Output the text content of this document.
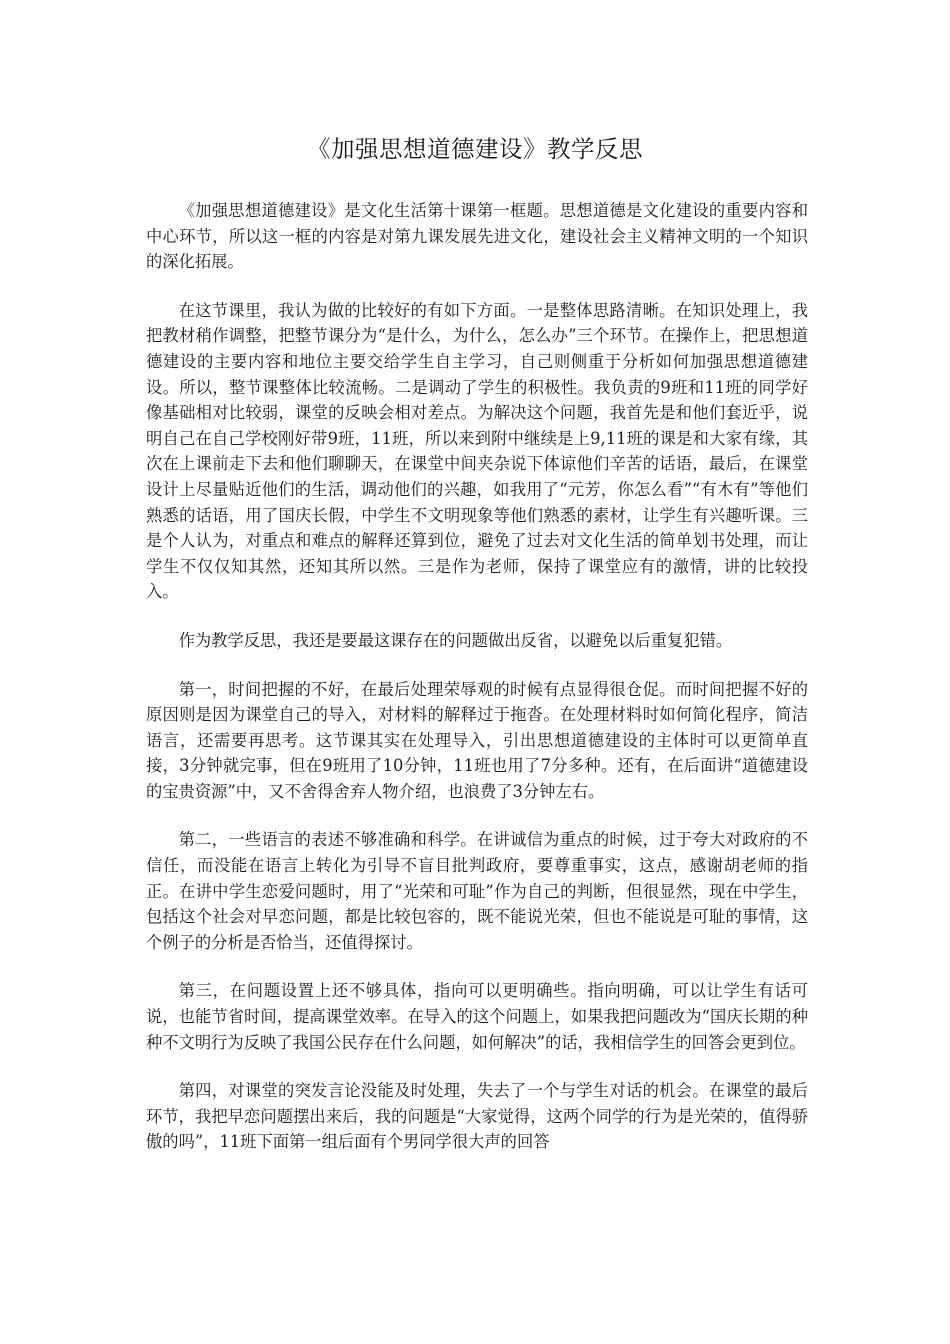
《加强思想道德建设》教学反思

《加强思想道德建设》是文化生活第十课第一框题。思想道德是文化建设的重要内容和中心环节，所以这一框的内容是对第九课发展先进文化，建设社会主义精神文明的一个知识的深化拓展。

在这节课里，我认为做的比较好的有如下方面。一是整体思路清晰。在知识处理上，我把教材稍作调整，把整节课分为“是什么，为什么，怎么办”三个环节。在操作上，把思想道德建设的主要内容和地位主要交给学生自主学习，自己则侧重于分析如何加强思想道德建设。所以，整节课整体比较流畅。二是调动了学生的积极性。我负责的9班和11班的同学好像基础相对比较弱，课堂的反映会相对差点。为解决这个问题，我首先是和他们套近乎，说明自己在自己学校刚好带9班，11班，所以来到附中继续是上9,11班的课是和大家有缘，其次在上课前走下去和他们聊聊天，在课堂中间夹杂说下体谅他们辛苦的话语，最后，在课堂设计上尽量贴近他们的生活，调动他们的兴趣，如我用了“元芳，你怎么看”“有木有”等他们熟悉的话语，用了国庆长假，中学生不文明现象等他们熟悉的素材，让学生有兴趣听课。三是个人认为，对重点和难点的解释还算到位，避免了过去对文化生活的简单划书处理，而让学生不仅仅知其然，还知其所以然。三是作为老师，保持了课堂应有的激情，讲的比较投入。

作为教学反思，我还是要最这课存在的问题做出反省，以避免以后重复犯错。

第一，时间把握的不好，在最后处理荣辱观的时候有点显得很仓促。而时间把握不好的原因则是因为课堂自己的导入，对材料的解释过于拖沓。在处理材料时如何简化程序，简洁语言，还需要再思考。这节课其实在处理导入，引出思想道德建设的主体时可以更简单直接，3分钟就完事，但在9班用了10分钟，11班也用了7分多种。还有，在后面讲“道德建设的宝贵资源”中，又不舍得舍弃人物介绍，也浪费了3分钟左右。

第二，一些语言的表述不够准确和科学。在讲诚信为重点的时候，过于夸大对政府的不信任，而没能在语言上转化为引导不盲目批判政府，要尊重事实，这点，感谢胡老师的指正。在讲中学生恋爱问题时，用了“光荣和可耻”作为自己的判断，但很显然，现在中学生，包括这个社会对早恋问题，都是比较包容的，既不能说光荣，但也不能说是可耻的事情，这个例子的分析是否恰当，还值得探讨。

第三，在问题设置上还不够具体，指向可以更明确些。指向明确，可以让学生有话可说，也能节省时间，提高课堂效率。在导入的这个问题上，如果我把问题改为“国庆长期的种种不文明行为反映了我国公民存在什么问题，如何解决”的话，我相信学生的回答会更到位。

第四，对课堂的突发言论没能及时处理，失去了一个与学生对话的机会。在课堂的最后环节，我把早恋问题摆出来后，我的问题是“大家觉得，这两个同学的行为是光荣的，值得骄傲的吗”，11班下面第一组后面有个男同学很大声的回答
